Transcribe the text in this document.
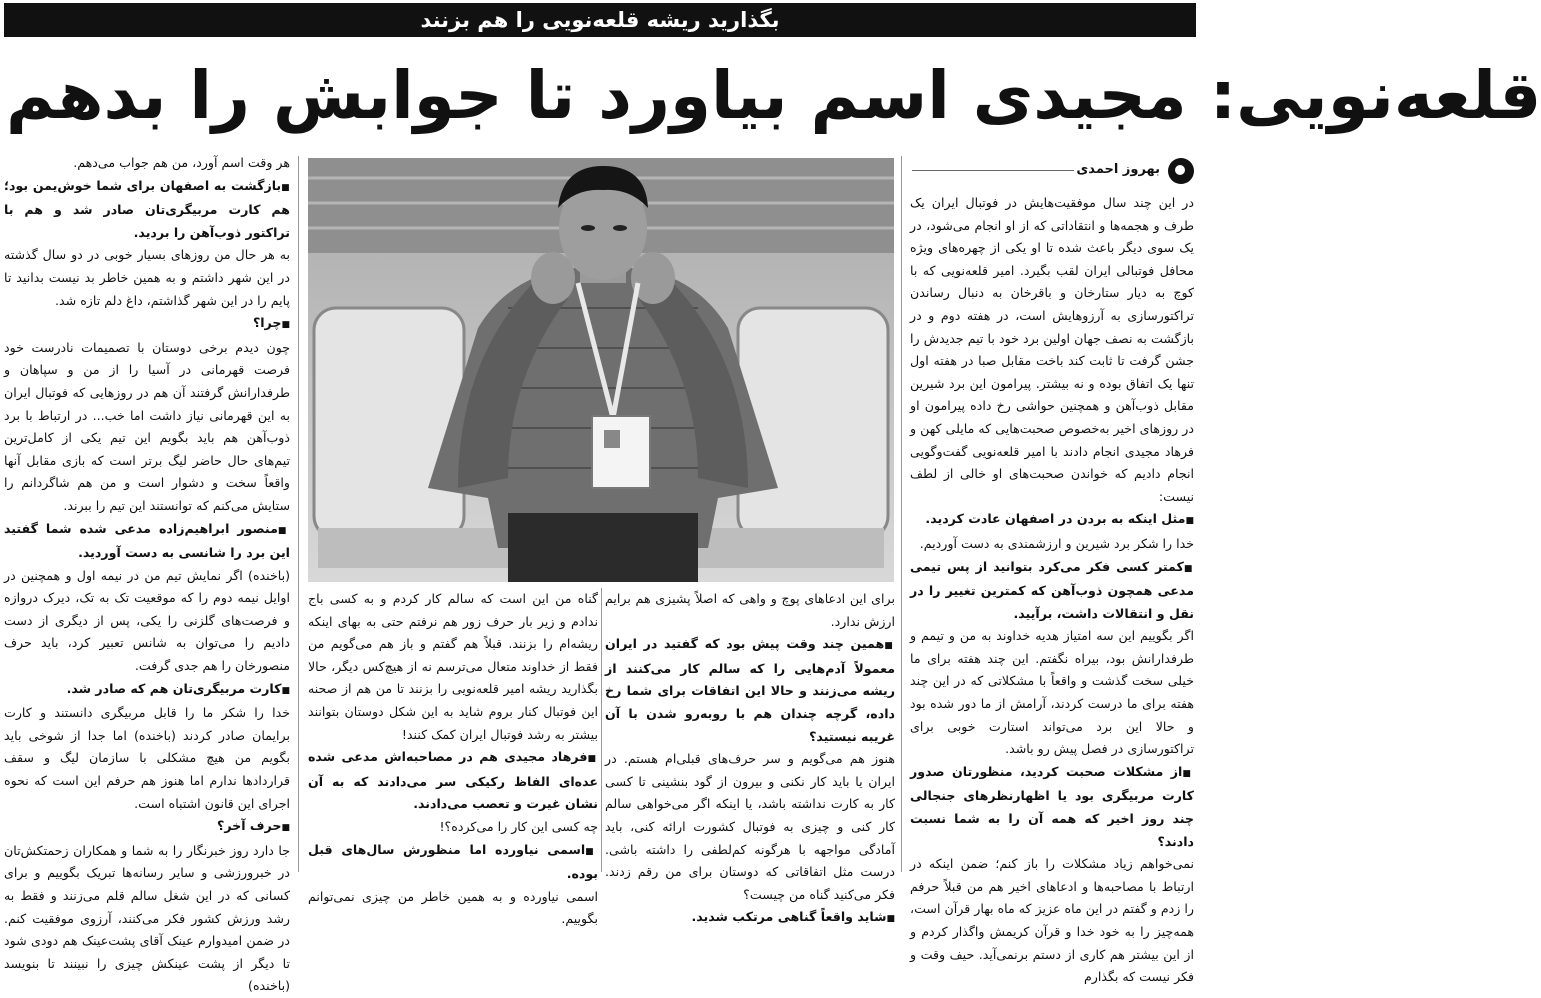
بگذارید ریشه قلعه‌نویی را هم بزنند
قلعه‌نویی: مجیدی اسم بیاورد تا جوابش را بدهم
بهروز احمدی

در این چند سال موفقیت‌هایش در فوتبال ایران یک طرف و هجمه‌ها و انتقاداتی که از او انجام می‌شود، در یک سوی دیگر باعث شده تا او یکی از چهره‌های ویژه محافل فوتبالی ایران لقب بگیرد. امیر قلعه‌نویی که با کوچ به دیار ستارخان و باقرخان به دنبال رساندن تراکتورسازی به آرزوهایش است، در هفته دوم و در بازگشت به نصف جهان اولین برد خود با تیم جدیدش را جشن گرفت تا ثابت کند باخت مقابل صبا در هفته اول تنها یک اتفاق بوده و نه بیشتر. پیرامون این برد شیرین مقابل ذوب‌آهن و همچنین حواشی رخ داده پیرامون او در روزهای اخیر به‌خصوص صحبت‌هایی که مایلی کهن و فرهاد مجیدی انجام دادند با امیر قلعه‌نویی گفت‌وگویی انجام دادیم که خواندن صحبت‌های او خالی از لطف نیست:

■ مثل اینکه به بردن در اصفهان عادت کردید.

خدا را شکر برد شیرین و ارزشمندی به دست آوردیم.

■ کمتر کسی فکر می‌کرد بتوانید از پس تیمی مدعی همچون ذوب‌آهن که کمترین تغییر را در نقل و انتقالات داشت، برآیید.

اگر بگوییم این سه امتیاز هدیه خداوند به من و تیمم و طرفدارانش بود، بیراه نگفتم. این چند هفته برای ما خیلی سخت گذشت و واقعاً با مشکلاتی که در این چند هفته برای ما درست کردند، آرامش از ما دور شده بود و حالا این برد می‌تواند استارت خوبی برای تراکتورسازی در فصل پیش رو باشد.

■ از مشکلات صحبت کردید، منظورتان صدور کارت مربیگری بود یا اظهارنظرهای جنجالی چند روز اخیر که همه آن را به شما نسبت دادند؟

نمی‌خواهم زیاد مشکلات را باز کنم؛ ضمن اینکه در ارتباط با مصاحبه‌ها و ادعاهای اخیر هم من قبلاً حرفم را زدم و گفتم در این ماه عزیز که ماه بهار قرآن است، همه‌چیز را به خود خدا و قرآن کریمش واگذار کردم و از این بیشتر هم کاری از دستم برنمی‌آید. حیف وقت و فکر نیست که بگذارم

برای این ادعاهای پوچ و واهی که اصلاً پشیزی هم برایم ارزش ندارد.

■ همین چند وقت پیش بود که گفتید در ایران معمولاً آدم‌هایی را که سالم کار می‌کنند از ریشه می‌زنند و حالا این اتفاقات برای شما رخ داده، گرچه چندان هم با روبه‌رو شدن با آن غریبه نیستید؟

هنوز هم می‌گویم و سر حرف‌های قبلی‌ام هستم. در ایران یا باید کار نکنی و بیرون از گود بنشینی تا کسی کار به کارت نداشته باشد، یا اینکه اگر می‌خواهی سالم کار کنی و چیزی به فوتبال کشورت ارائه کنی، باید آمادگی مواجهه با هرگونه کم‌لطفی را داشته باشی. درست مثل اتفاقاتی که دوستان برای من رقم زدند. فکر می‌کنید گناه من چیست؟

■ شاید واقعاً گناهی مرتکب شدید.

گناه من این است که سالم کار کردم و به کسی باج ندادم و زیر بار حرف زور هم نرفتم حتی به بهای اینکه ریشه‌ام را بزنند. قبلاً هم گفتم و باز هم می‌گویم من فقط از خداوند متعال می‌ترسم نه از هیچ‌کس دیگر، حالا بگذارید ریشه امیر قلعه‌نویی را بزنند تا من هم از صحنه این فوتبال کنار بروم شاید به این شکل دوستان بتوانند بیشتر به رشد فوتبال ایران کمک کنند!

■ فرهاد مجیدی هم در مصاحبه‌اش مدعی شده عده‌ای الفاظ رکیکی سر می‌دادند که به آن نشان غیرت و تعصب می‌دادند.

چه کسی این کار را می‌کرده؟!

■ اسمی نیاورده اما منظورش سال‌های قبل بوده.

اسمی نیاورده و به همین خاطر من چیزی نمی‌توانم بگوییم.

هر وقت اسم آورد، من هم جواب می‌دهم.

■ بازگشت به اصفهان برای شما خوش‌یمن بود؛ هم کارت مربیگری‌تان صادر شد و هم با تراکتور ذوب‌آهن را بردید.

به هر حال من روزهای بسیار خوبی در دو سال گذشته در این شهر داشتم و به همین خاطر بد نیست بدانید تا پایم را در این شهر گذاشتم، داغ دلم تازه شد.

■ چرا؟

چون دیدم برخی دوستان با تصمیمات نادرست خود فرصت قهرمانی در آسیا را از من و سپاهان و طرفدارانش گرفتند آن هم در روزهایی که فوتبال ایران به این قهرمانی نیاز داشت اما خب... در ارتباط با برد ذوب‌آهن هم باید بگویم این تیم یکی از کامل‌ترین تیم‌های حال حاضر لیگ برتر است که بازی مقابل آنها واقعاً سخت و دشوار است و من هم شاگردانم را ستایش می‌کنم که توانستند این تیم را ببرند.

■ منصور ابراهیم‌زاده مدعی شده شما گفتید این برد را شانسی به دست آوردید.

(باخنده) اگر نمایش تیم من در نیمه اول و همچنین در اوایل نیمه دوم را که موقعیت تک به تک، دیرک دروازه و فرصت‌های گلزنی را یکی، پس از دیگری از دست دادیم را می‌توان به شانس تعبیر کرد، باید حرف منصورخان را هم جدی گرفت.

■ کارت مربیگری‌تان هم که صادر شد.

خدا را شکر ما را قابل مربیگری دانستند و کارت برایمان صادر کردند (باخنده) اما جدا از شوخی باید بگویم من هیچ مشکلی با سازمان لیگ و سقف قراردادها ندارم اما هنوز هم حرفم این است که نحوه اجرای این قانون اشتباه است.

■ حرف آخر؟

جا دارد روز خبرنگار را به شما و همکاران زحمتکش‌تان در خبرورزشی و سایر رسانه‌ها تبریک بگوییم و برای کسانی که در این شغل سالم قلم می‌زنند و فقط به رشد ورزش کشور فکر می‌کنند، آرزوی موفقیت کنم. در ضمن امیدوارم عینک آقای پشت‌عینک هم دودی شود تا دیگر از پشت عینکش چیزی را نبینند تا بنویسد (باخنده)
